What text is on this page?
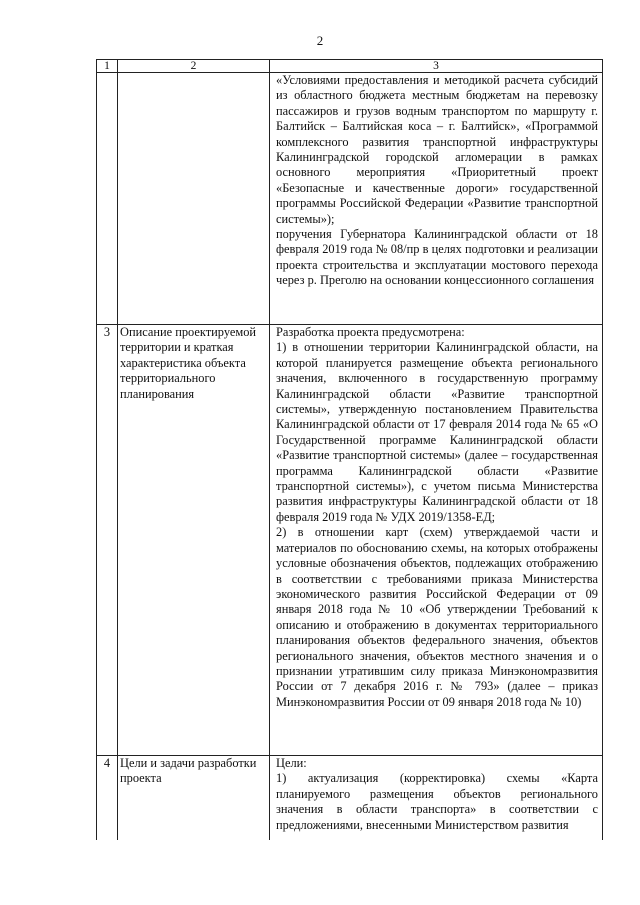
2
1	2	3

		«Условиями предоставления и методикой расчета субсидий из областного бюджета местным бюджетам на перевозку пассажиров и грузов водным транспортом по маршруту г. Балтийск – Балтийская коса – г. Балтийск», «Программой комплексного развития транспортной инфраструктуры Калининградской городской агломерации в рамках основного мероприятия «Приоритетный проект «Безопасные и качественные дороги» государственной программы Российской Федерации «Развитие транспортной системы»);

поручения Губернатора Калининградской области от 18 февраля 2019 года № 08/пр в целях подготовки и реализации проекта строительства и эксплуатации мостового перехода через р. Преголю на основании концессионного соглашения

3	Описание проектируемой территории и краткая характеристика объекта территориального планирования	Разработка проекта предусмотрена:

1) в отношении территории Калининградской области, на которой планируется размещение объекта регионального значения, включенного в государственную программу Калининградской области «Развитие транспортной системы», утвержденную постановлением Правительства Калининградской области от 17 февраля 2014 года № 65 «О Государственной программе Калининградской области «Развитие транспортной системы» (далее – государственная программа Калининградской области «Развитие транспортной системы»), с учетом письма Министерства развития инфраструктуры Калининградской области от 18 февраля 2019 года № УДХ 2019/1358-ЕД;

2) в отношении карт (схем) утверждаемой части и материалов по обоснованию схемы, на которых отображены условные обозначения объектов, подлежащих отображению в соответствии с требованиями приказа Министерства экономического развития Российской Федерации от 09 января 2018 года № 10 «Об утверждении Требований к описанию и отображению в документах территориального планирования объектов федерального значения, объектов регионального значения, объектов местного значения и о признании утратившим силу приказа Минэкономразвития России от 7 декабря 2016 г. № 793» (далее – приказ Минэкономразвития России от 09 января 2018 года № 10)

4	Цели и задачи разработки проекта	Цели:

1) актуализация (корректировка) схемы «Карта планируемого размещения объектов регионального значения в области транспорта» в соответствии с предложениями, внесенными Министерством развития
